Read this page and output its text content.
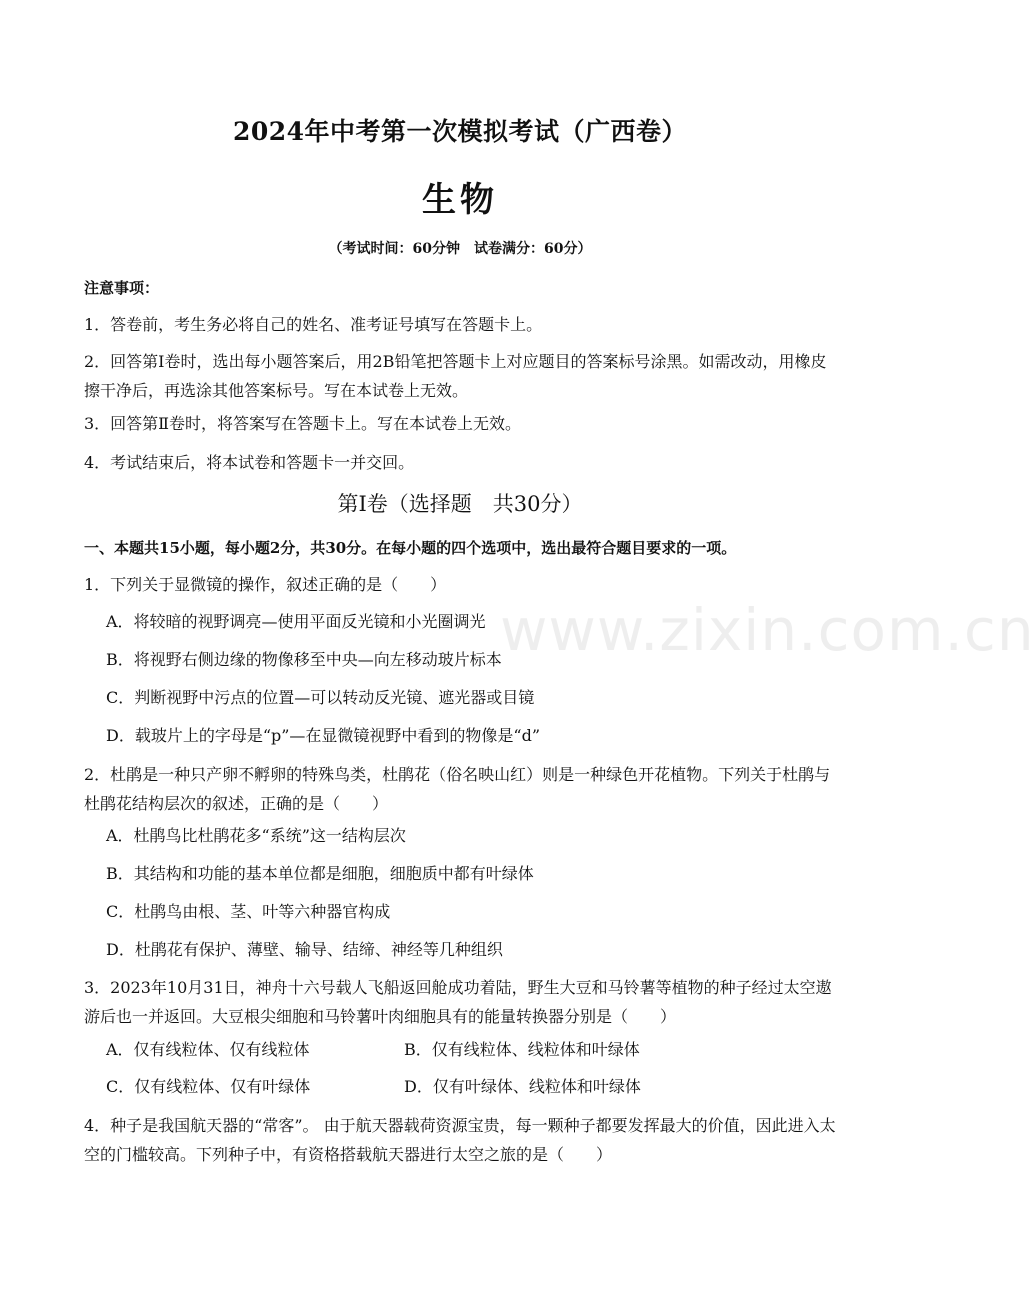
www.zixin.com.cn
2024年中考第一次模拟考试（广西卷）
生物
（考试时间：60分钟　试卷满分：60分）
注意事项：
1．答卷前，考生务必将自己的姓名、准考证号填写在答题卡上。
2．回答第Ⅰ卷时，选出每小题答案后，用2B铅笔把答题卡上对应题目的答案标号涂黑。如需改动，用橡皮擦干净后，再选涂其他答案标号。写在本试卷上无效。
3．回答第Ⅱ卷时，将答案写在答题卡上。写在本试卷上无效。
4．考试结束后，将本试卷和答题卡一并交回。
第Ⅰ卷（选择题　共30分）
一、本题共15小题，每小题2分，共30分。在每小题的四个选项中，选出最符合题目要求的一项。
1．下列关于显微镜的操作，叙述正确的是（　　）
A．将较暗的视野调亮—使用平面反光镜和小光圈调光
B．将视野右侧边缘的物像移至中央—向左移动玻片标本
C．判断视野中污点的位置—可以转动反光镜、遮光器或目镜
D．载玻片上的字母是“p”—在显微镜视野中看到的物像是“d”
2．杜鹃是一种只产卵不孵卵的特殊鸟类，杜鹃花（俗名映山红）则是一种绿色开花植物。下列关于杜鹃与杜鹃花结构层次的叙述，正确的是（　　）
A．杜鹃鸟比杜鹃花多“系统”这一结构层次
B．其结构和功能的基本单位都是细胞，细胞质中都有叶绿体
C．杜鹃鸟由根、茎、叶等六种器官构成
D．杜鹃花有保护、薄壁、输导、结缔、神经等几种组织
3．2023年10月31日，神舟十六号载人飞船返回舱成功着陆，野生大豆和马铃薯等植物的种子经过太空遨游后也一并返回。大豆根尖细胞和马铃薯叶肉细胞具有的能量转换器分别是（　　）
A．仅有线粒体、仅有线粒体	B．仅有线粒体、线粒体和叶绿体
C．仅有线粒体、仅有叶绿体	D．仅有叶绿体、线粒体和叶绿体
4．种子是我国航天器的“常客”。 由于航天器载荷资源宝贵，每一颗种子都要发挥最大的价值，因此进入太空的门槛较高。下列种子中，有资格搭载航天器进行太空之旅的是（　　）
